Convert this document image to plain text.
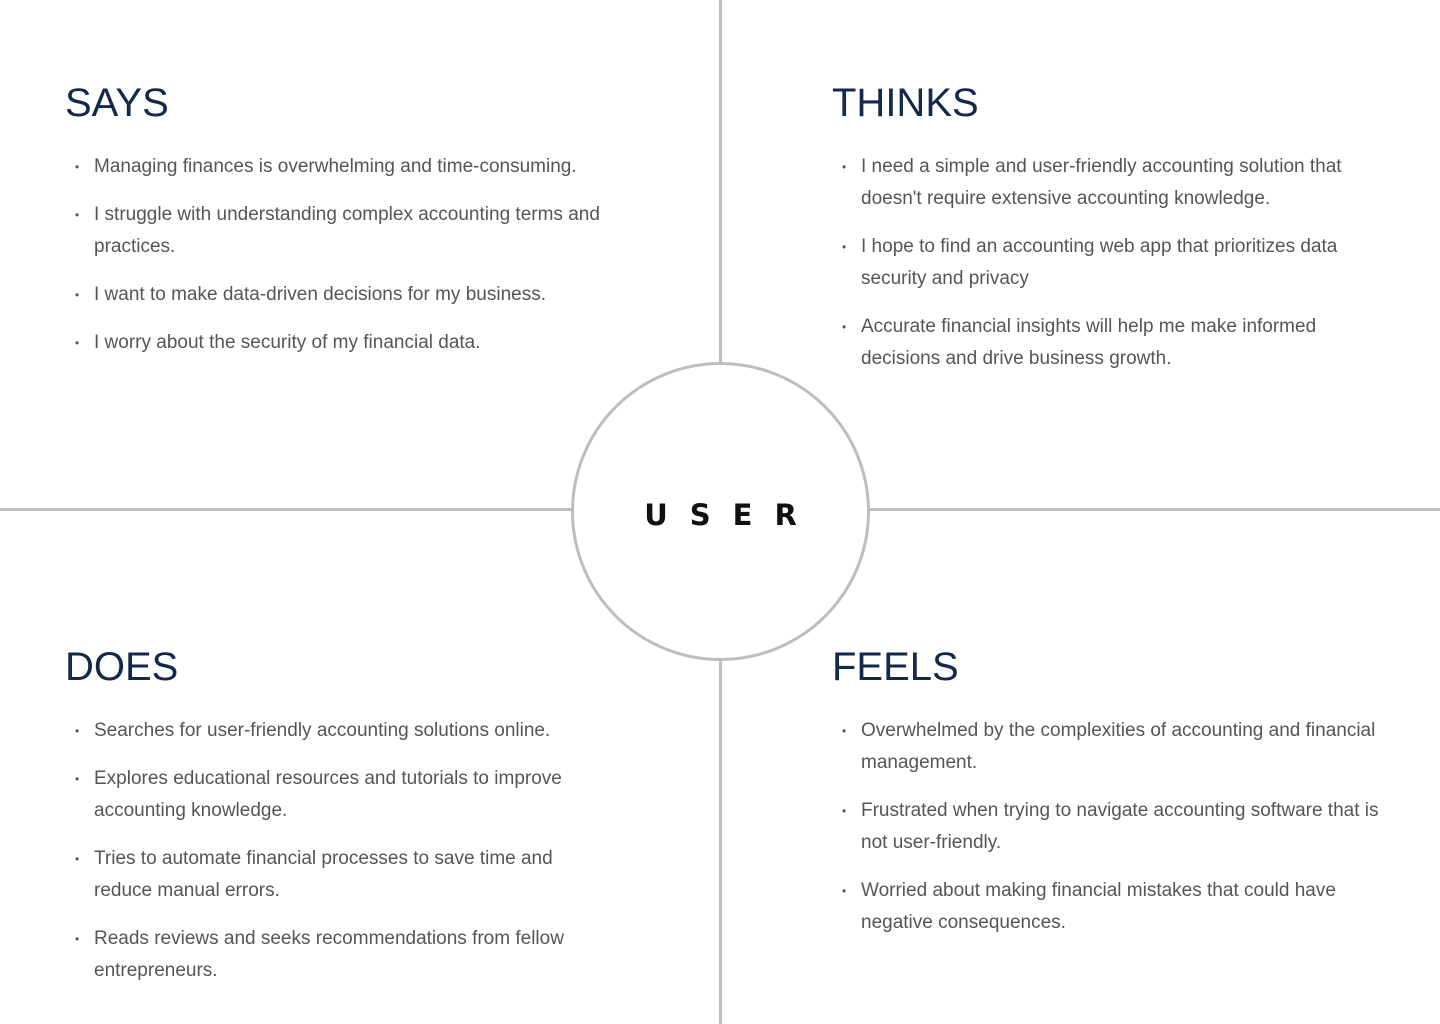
SAYS
• Managing finances is overwhelming and time-consuming.
• I struggle with understanding complex accounting terms and practices.
• I want to make data-driven decisions for my business.
• I worry about the security of my financial data.
THINKS
• I need a simple and user-friendly accounting solution that doesn't require extensive accounting knowledge.
• I hope to find an accounting web app that prioritizes data security and privacy
• Accurate financial insights will help me make informed decisions and drive business growth.
DOES
• Searches for user-friendly accounting solutions online.
• Explores educational resources and tutorials to improve accounting knowledge.
• Tries to automate financial processes to save time and reduce manual errors.
• Reads reviews and seeks recommendations from fellow entrepreneurs.
FEELS
• Overwhelmed by the complexities of accounting and financial management.
• Frustrated when trying to navigate accounting software that is not user-friendly.
• Worried about making financial mistakes that could have negative consequences.
USER
